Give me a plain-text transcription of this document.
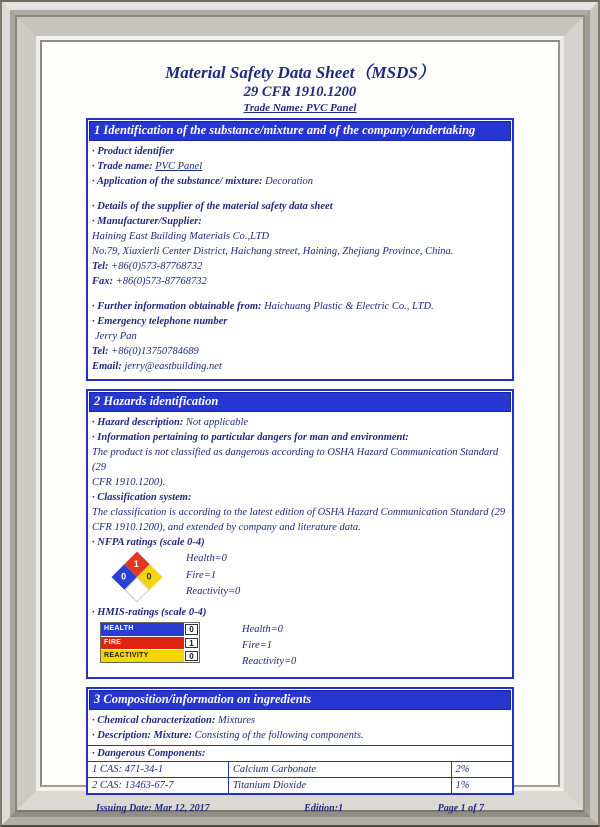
Material Safety Data Sheet（MSDS）
29 CFR 1910.1200
Trade Name: PVC Panel
1 Identification of the substance/mixture and of the company/undertaking
· Product identifier
· Trade name: PVC Panel
· Application of the substance/ mixture: Decoration
· Details of the supplier of the material safety data sheet
· Manufacturer/Supplier:
Haining East Building Materials Co.,LTD
No.79, Xiaxierli Center District, Haichang street, Haining, Zhejiang Province, China.
Tel: +86(0)573-87768732
Fax: +86(0)573-87768732
· Further information obtainable from: Haichuang Plastic & Electric Co., LTD.
· Emergency telephone number
Jerry Pan
Tel: +86(0)13750784689
Email: jerry@eastbuilding.net
2 Hazards identification
· Hazard description: Not applicable
· Information pertaining to particular dangers for man and environment:
The product is not classified as dangerous according to OSHA Hazard Communication Standard (29
CFR 1910.1200).
· Classification system:
The classification is according to the latest edition of OSHA Hazard Communication Standard (29
CFR 1910.1200), and extended by company and literature data.
· NFPA ratings (scale 0-4)
1
0
0
Health=0
Fire=1
Reactivity=0
· HMIS-ratings (scale 0-4)
HEALTH	0
FIRE	1
REACTIVITY	0
Health=0
Fire=1
Reactivity=0
3 Composition/information on ingredients
· Chemical characterization: Mixtures
· Description: Mixture: Consisting of the following components.
· Dangerous Components:
1 CAS: 471-34-1	Calcium Carbonate	2%
2 CAS: 13463-67-7	Titanium Dioxide	1%
Issuing Date: Mar 12, 2017	Edition:1	Page 1 of 7
